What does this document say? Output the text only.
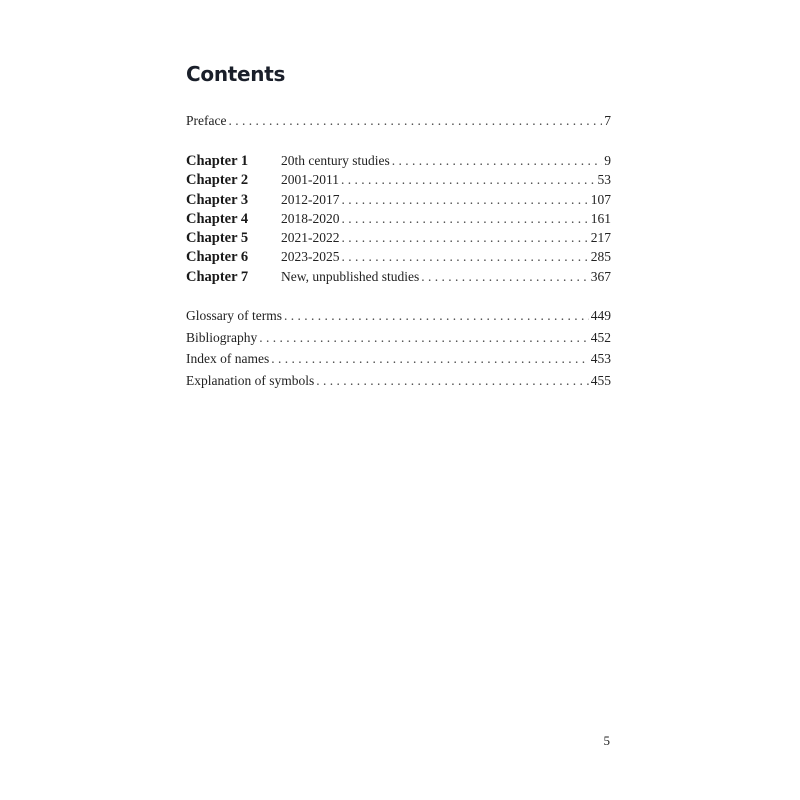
Contents
Preface . . .	7
Chapter 1	20th century studies . . .	9
Chapter 2	2001-2011 . . .	53
Chapter 3	2012-2017 . . .	107
Chapter 4	2018-2020 . . .	161
Chapter 5	2021-2022 . . .	217
Chapter 6	2023-2025 . . .	285
Chapter 7	New, unpublished studies . . .	367
Glossary of terms . . .	449
Bibliography . . .	452
Index of names . . .	453
Explanation of symbols . . .	455
5
